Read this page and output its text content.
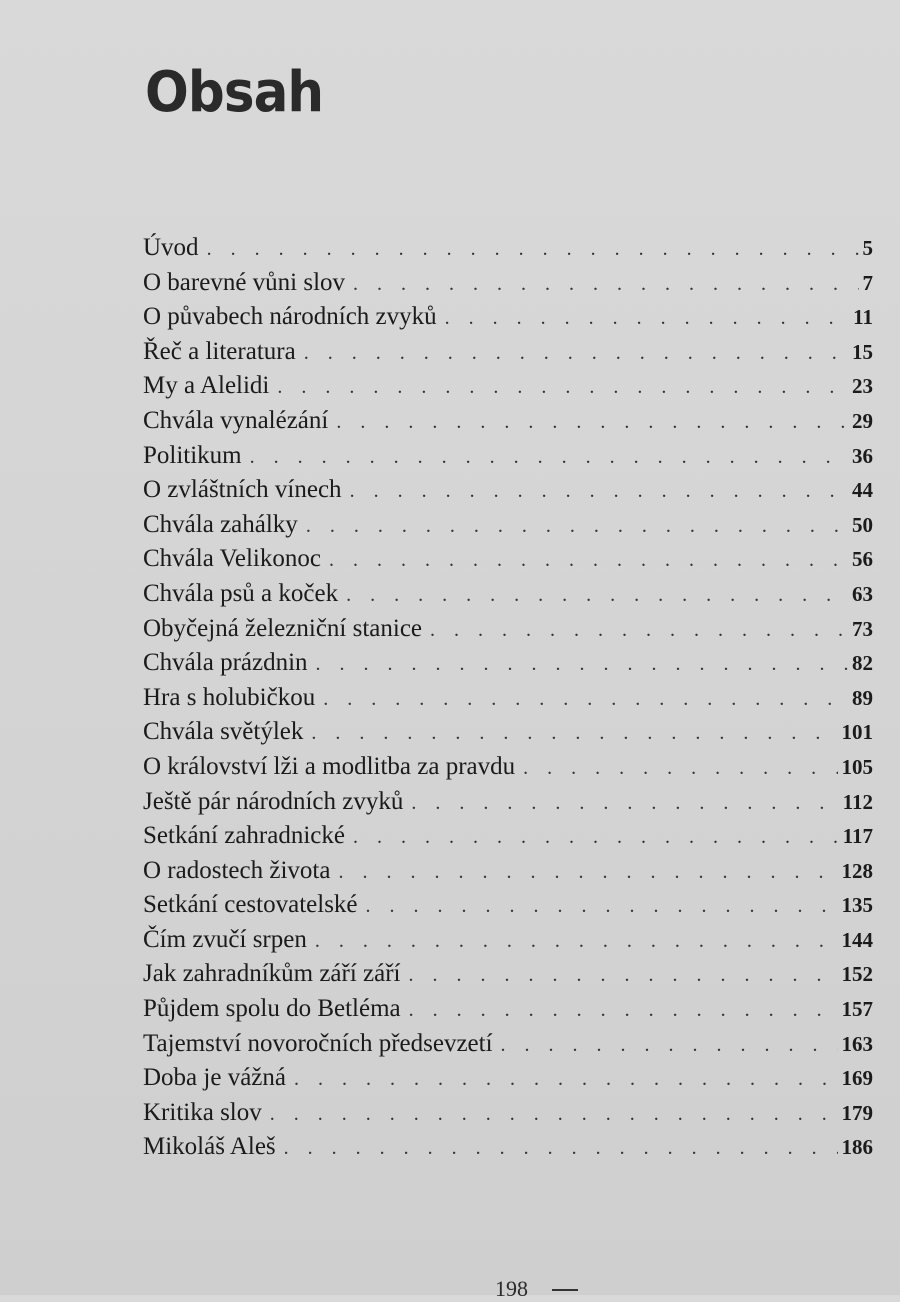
Obsah
Úvod . . .	5
O barevné vůni slov . . .	7
O půvabech národních zvyků . . .	11
Řeč a literatura . . .	15
My a Alelidi . . .	23
Chvála vynalézání . . .	29
Politikum . . .	36
O zvláštních vínech . . .	44
Chvála zahálky . . .	50
Chvála Velikonoc . . .	56
Chvála psů a koček . . .	63
Obyčejná železniční stanice . . .	73
Chvála prázdnin . . .	82
Hra s holubičkou . . .	89
Chvála světýlek . . .	101
O království lži a modlitba za pravdu . . .	105
Ještě pár národních zvyků . . .	112
Setkání zahradnické . . .	117
O radostech života . . .	128
Setkání cestovatelské . . .	135
Čím zvučí srpen . . .	144
Jak zahradníkům září září . . .	152
Půjdem spolu do Betléma . . .	157
Tajemství novoročních předsevzetí . . .	163
Doba je vážná . . .	169
Kritika slov . . .	179
Mikoláš Aleš . . .	186
198
